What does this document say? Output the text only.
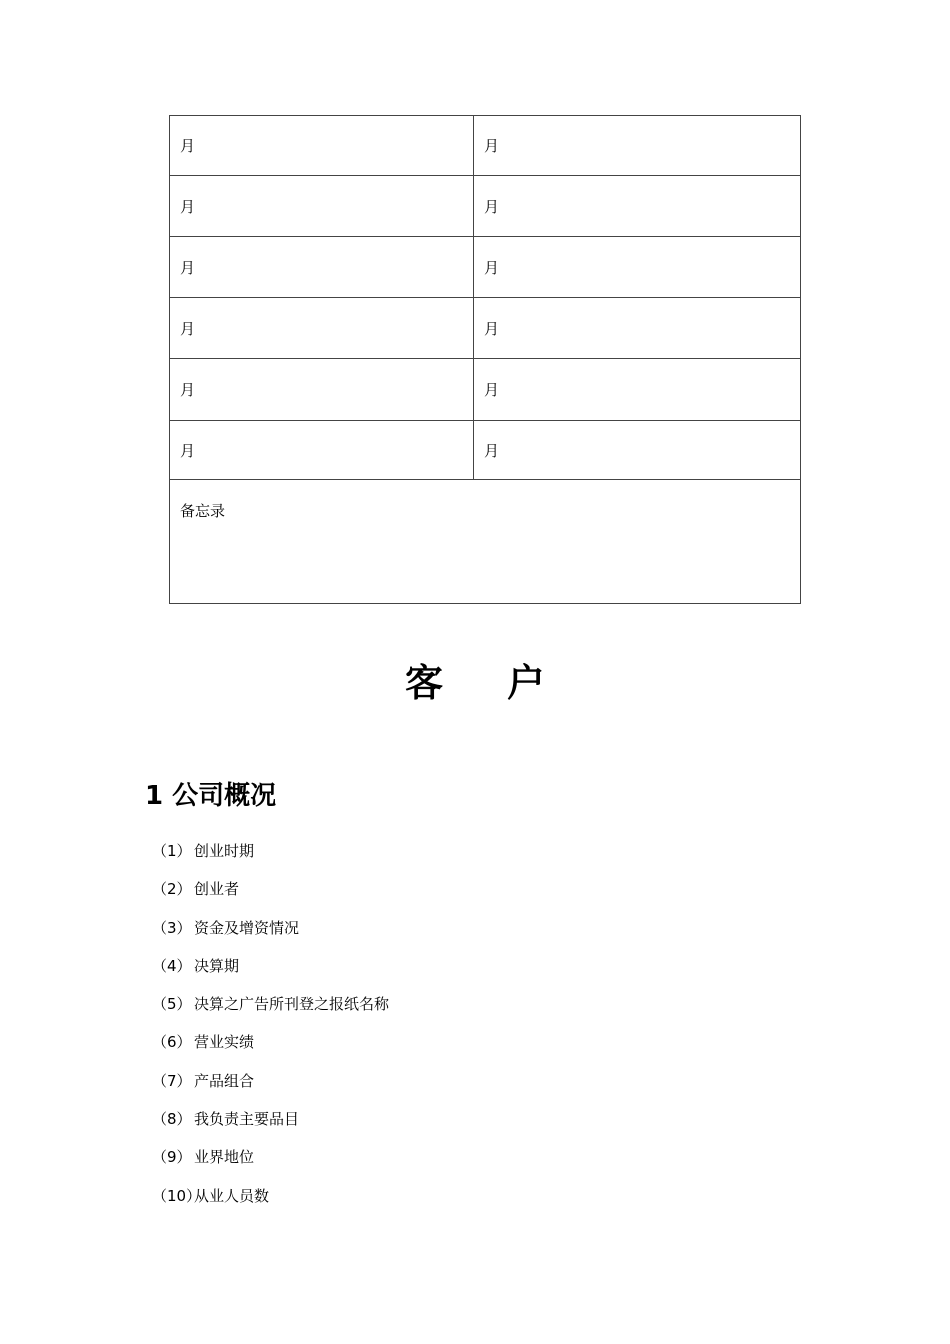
月	月
月	月
月	月
月	月
月	月
月	月
备忘录	
客 户
1 公司概况
（1） 创业时期
（2） 创业者
（3） 资金及增资情况
（4） 决算期
（5） 决算之广告所刊登之报纸名称
（6） 营业实绩
（7） 产品组合
（8） 我负责主要品目
（9） 业界地位
（10）从业人员数
